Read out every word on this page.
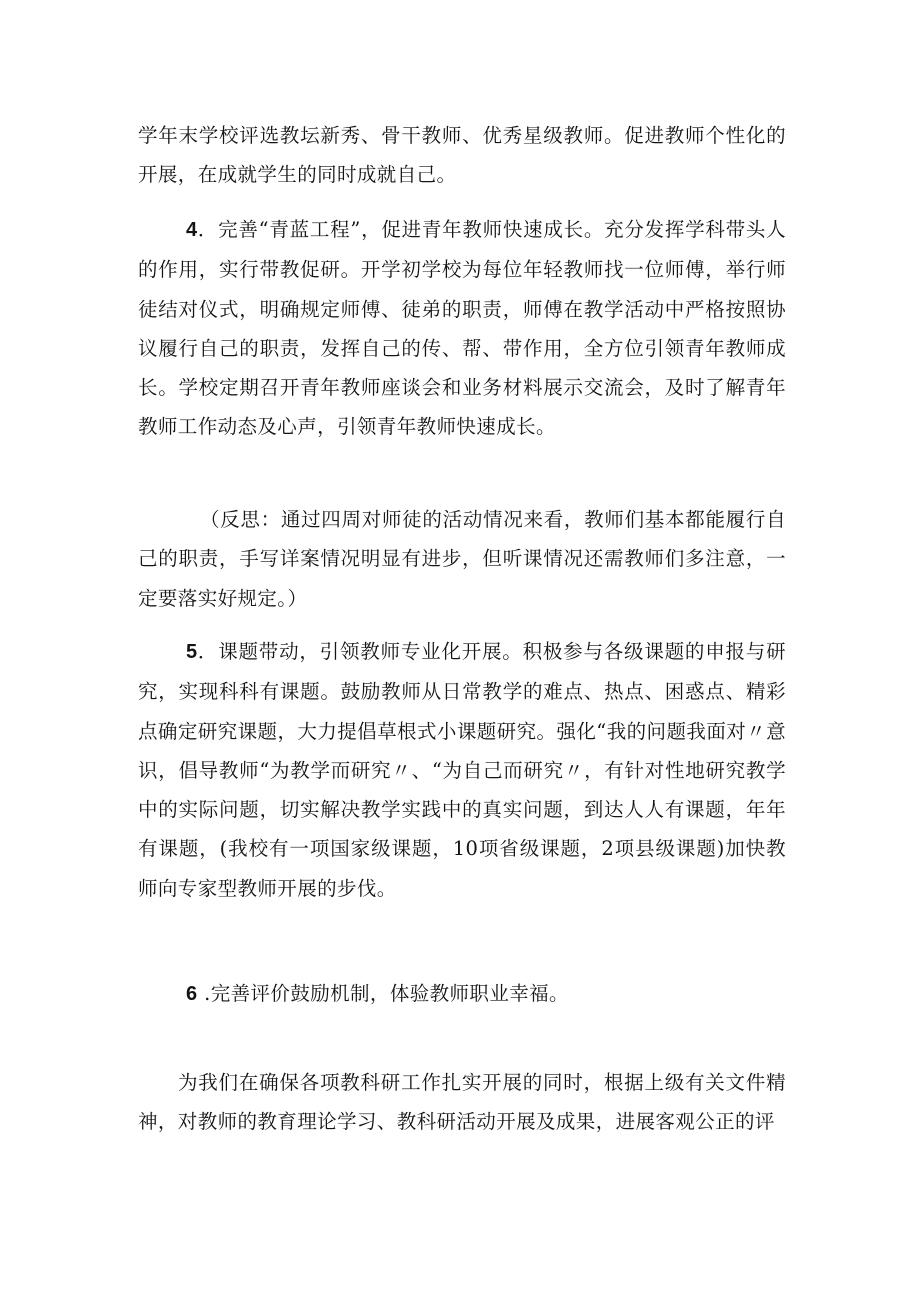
学年末学校评选教坛新秀、骨干教师、优秀星级教师。促进教师个性化的开展，在成就学生的同时成就自己。

4．完善“青蓝工程”，促进青年教师快速成长。充分发挥学科带头人的作用，实行带教促研。开学初学校为每位年轻教师找一位师傅，举行师徒结对仪式，明确规定师傅、徒弟的职责，师傅在教学活动中严格按照协议履行自己的职责，发挥自己的传、帮、带作用，全方位引领青年教师成长。学校定期召开青年教师座谈会和业务材料展示交流会，及时了解青年教师工作动态及心声，引领青年教师快速成长。

（反思：通过四周对师徒的活动情况来看，教师们基本都能履行自己的职责，手写详案情况明显有进步，但听课情况还需教师们多注意，一定要落实好规定。）

5．课题带动，引领教师专业化开展。积极参与各级课题的申报与研究，实现科科有课题。鼓励教师从日常教学的难点、热点、困惑点、精彩点确定研究课题，大力提倡草根式小课题研究。强化“我的问题我面对〃意识，倡导教师“为教学而研究〃、“为自己而研究〃，有针对性地研究教学中的实际问题，切实解决教学实践中的真实问题，到达人人有课题，年年有课题，(我校有一项国家级课题，10项省级课题，2项县级课题)加快教师向专家型教师开展的步伐。

6 .完善评价鼓励机制，体验教师职业幸福。

为我们在确保各项教科研工作扎实开展的同时，根据上级有关文件精神，对教师的教育理论学习、教科研活动开展及成果，进展客观公正的评
